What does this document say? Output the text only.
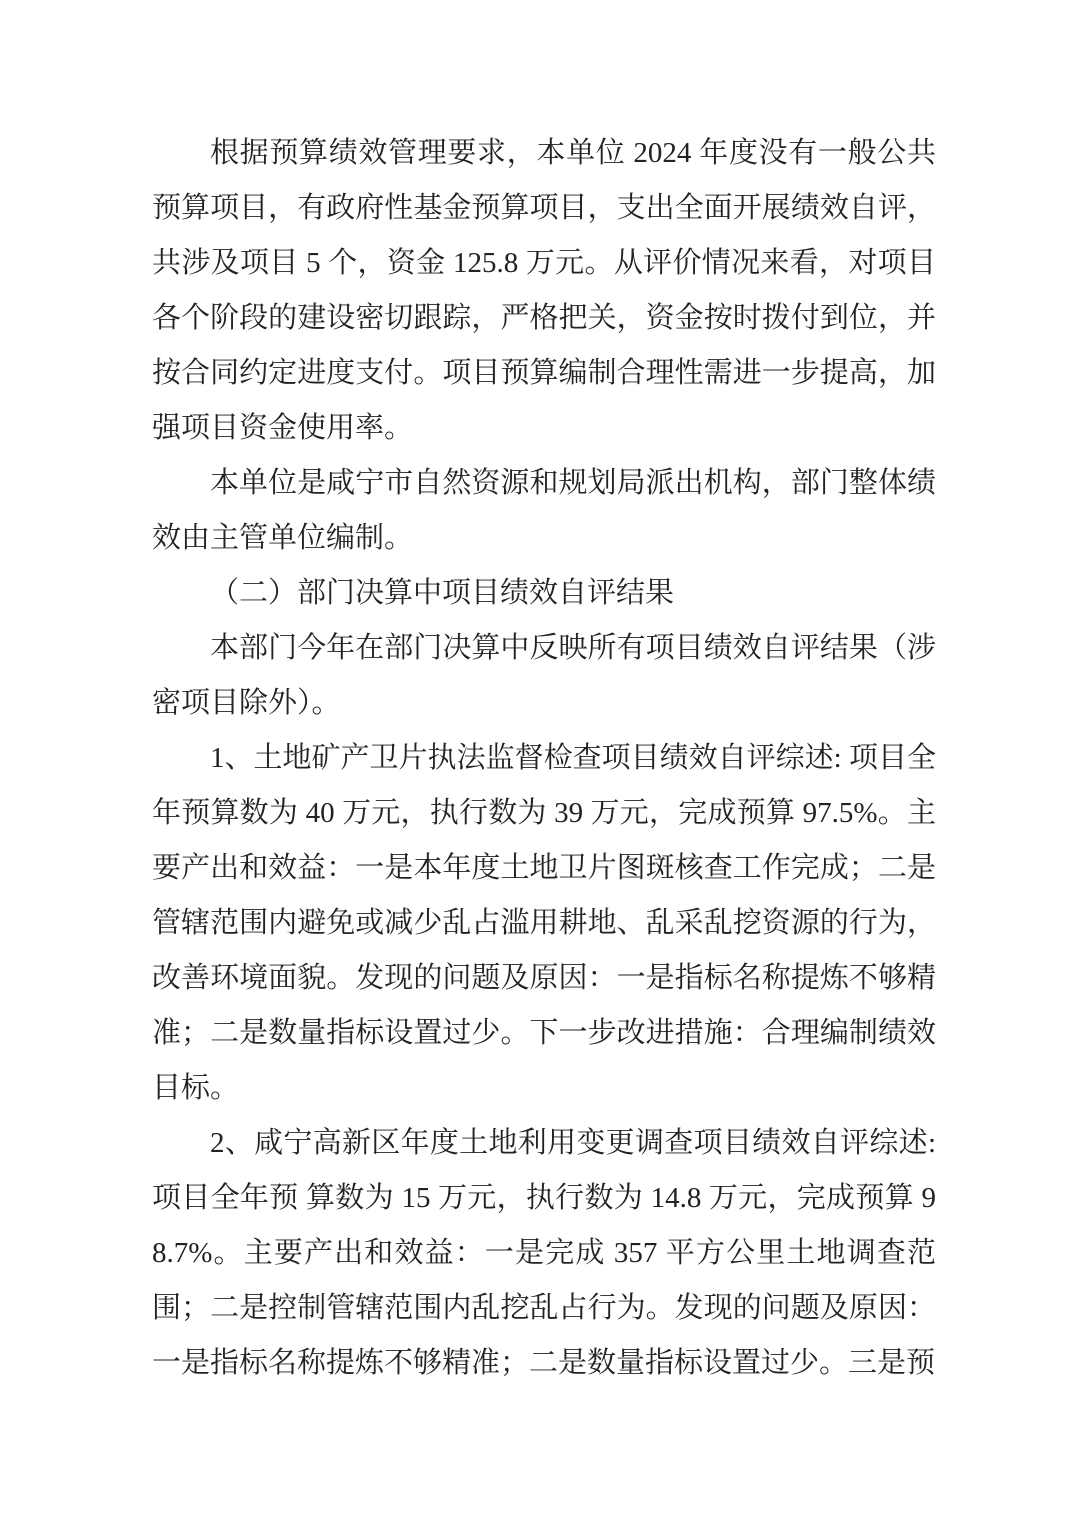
根据预算绩效管理要求，本单位 2024 年度没有一般公共预算项目，有政府性基金预算项目，支出全面开展绩效自评，共涉及项目 5 个，资金 125.8 万元。从评价情况来看，对项目各个阶段的建设密切跟踪，严格把关，资金按时拨付到位，并按合同约定进度支付。项目预算编制合理性需进一步提高，加强项目资金使用率。

本单位是咸宁市自然资源和规划局派出机构，部门整体绩效由主管单位编制。

（二）部门决算中项目绩效自评结果

本部门今年在部门决算中反映所有项目绩效自评结果（涉密项目除外）。

1、土地矿产卫片执法监督检查项目绩效自评综述: 项目全年预算数为 40 万元，执行数为 39 万元，完成预算 97.5%。主要产出和效益：一是本年度土地卫片图斑核查工作完成；二是管辖范围内避免或减少乱占滥用耕地、乱采乱挖资源的行为，改善环境面貌。发现的问题及原因：一是指标名称提炼不够精准；二是数量指标设置过少。下一步改进措施：合理编制绩效目标。

2、咸宁高新区年度土地利用变更调查项目绩效自评综述: 项目全年预 算数为 15 万元，执行数为 14.8 万元，完成预算 98.7%。主要产出和效益：一是完成 357 平方公里土地调查范围；二是控制管辖范围内乱挖乱占行为。发现的问题及原因：一是指标名称提炼不够精准；二是数量指标设置过少。三是预
